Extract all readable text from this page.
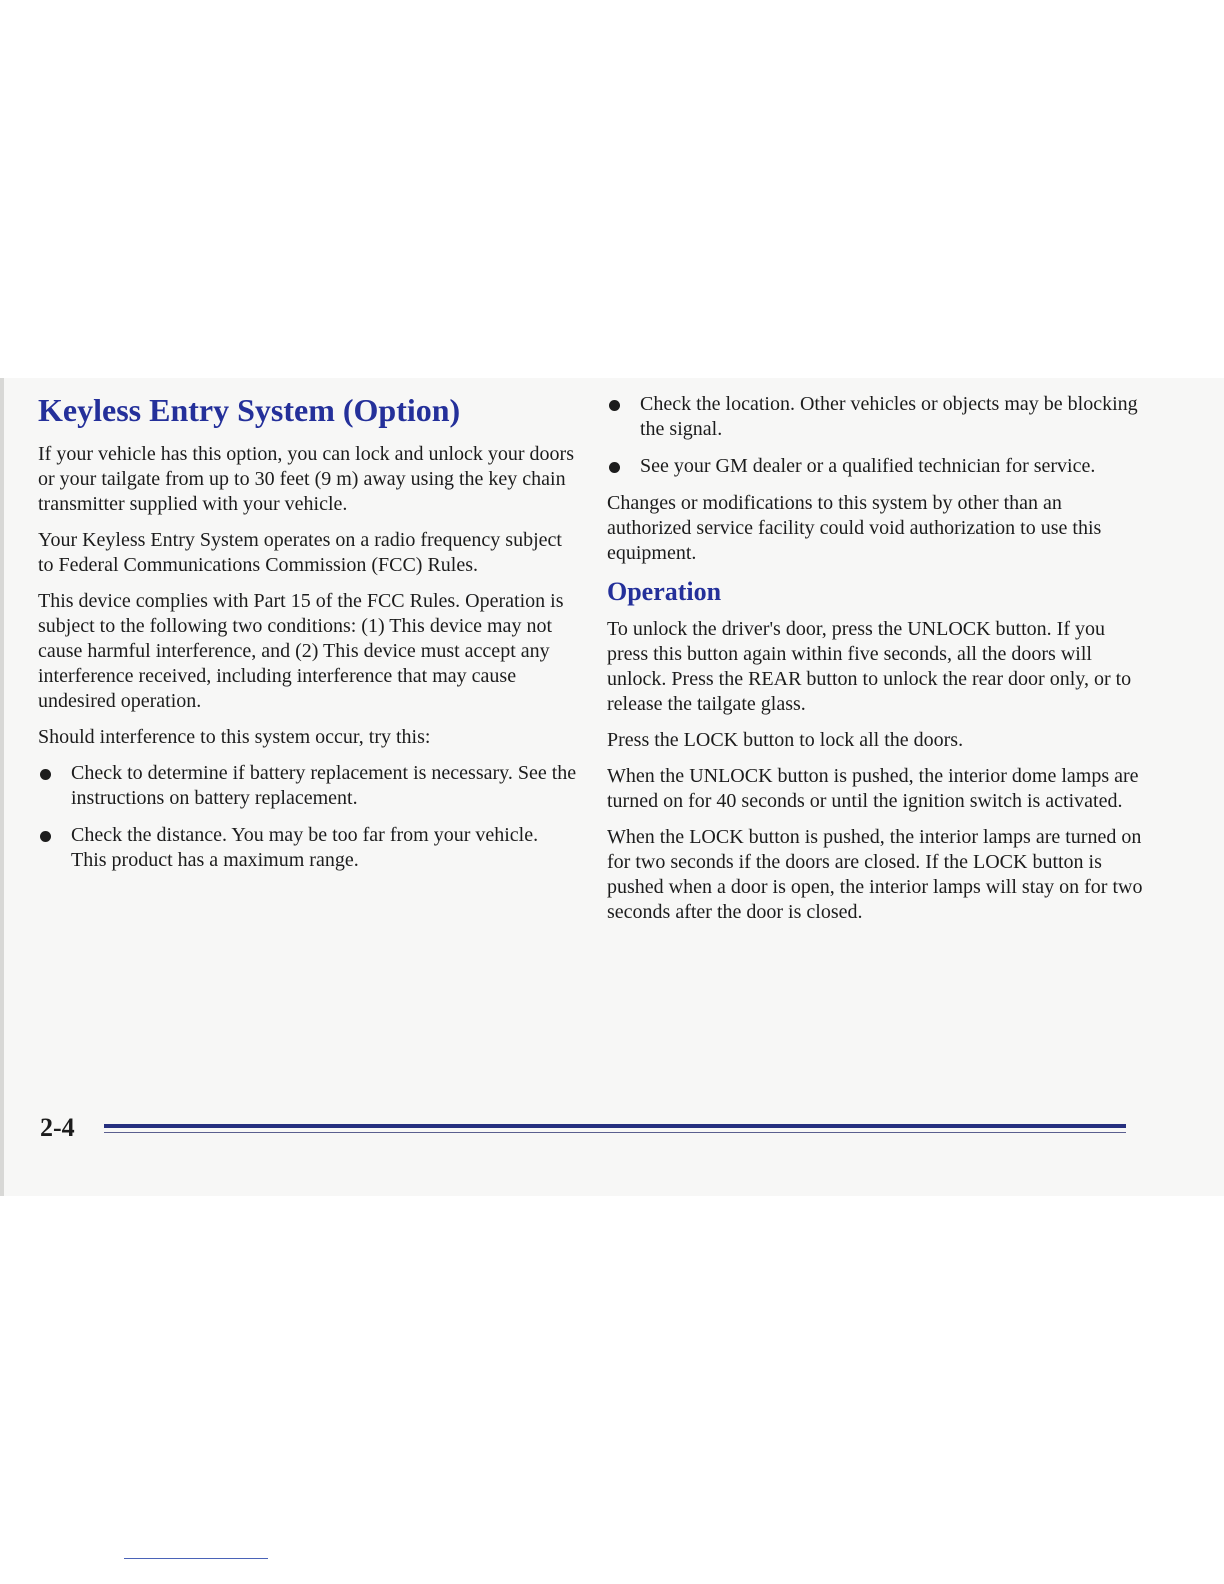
Keyless Entry System (Option)

If your vehicle has this option, you can lock and unlock your doors or your tailgate from up to 30 feet (9 m) away using the key chain transmitter supplied with your vehicle.

Your Keyless Entry System operates on a radio frequency subject to Federal Communications Commission (FCC) Rules.

This device complies with Part 15 of the FCC Rules. Operation is subject to the following two conditions: (1) This device may not cause harmful interference, and (2) This device must accept any interference received, including interference that may cause undesired operation.

Should interference to this system occur, try this:

Check to determine if battery replacement is necessary. See the instructions on battery replacement.
Check the distance. You may be too far from your vehicle. This product has a maximum range.
Check the location. Other vehicles or objects may be blocking the signal.
See your GM dealer or a qualified technician for service.

Changes or modifications to this system by other than an authorized service facility could void authorization to use this equipment.

Operation

To unlock the driver's door, press the UNLOCK button. If you press this button again within five seconds, all the doors will unlock. Press the REAR button to unlock the rear door only, or to release the tailgate glass.

Press the LOCK button to lock all the doors.

When the UNLOCK button is pushed, the interior dome lamps are turned on for 40 seconds or until the ignition switch is activated.

When the LOCK button is pushed, the interior lamps are turned on for two seconds if the doors are closed. If the LOCK button is pushed when a door is open, the interior lamps will stay on for two seconds after the door is closed.

2-4
